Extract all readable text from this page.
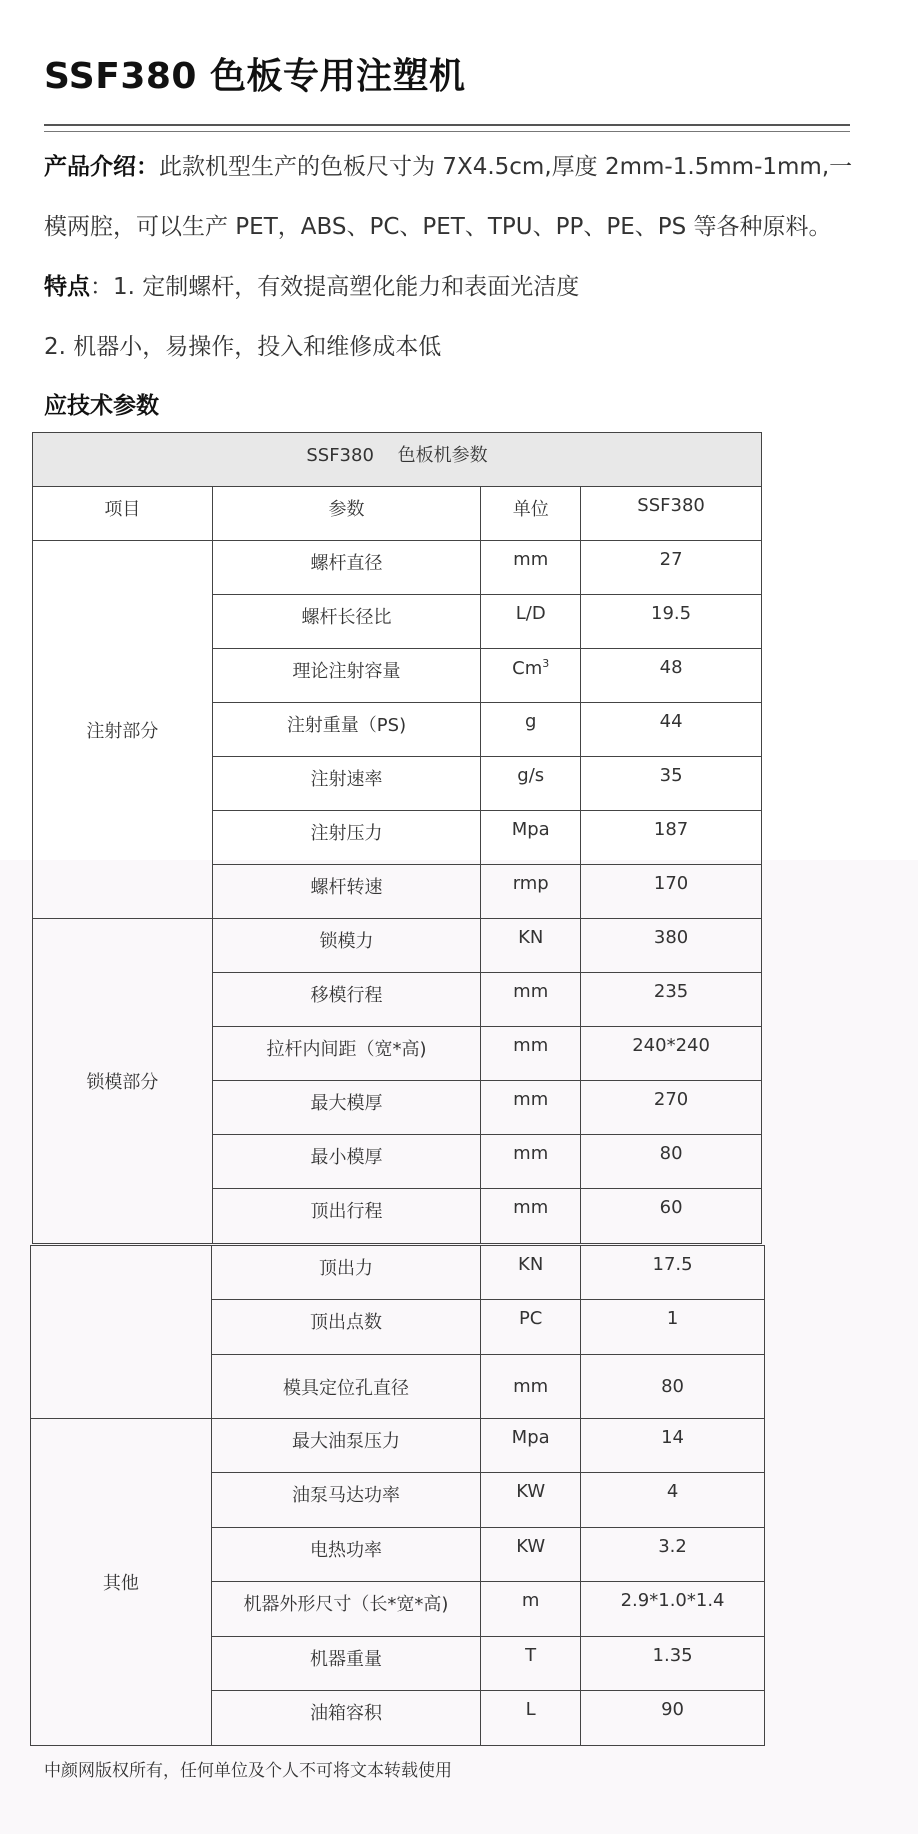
SSF380 色板专用注塑机

产品介绍：此款机型生产的色板尺寸为 7X4.5cm,厚度 2mm-1.5mm-1mm,一

模两腔，可以生产 PET，ABS、PC、PET、TPU、PP、PE、PS 等各种原料。

特点：1. 定制螺杆，有效提高塑化能力和表面光洁度

2. 机器小，易操作，投入和维修成本低

应技术参数
SSF380　 色板机参数			
项目	参数	单位	SSF380
注射部分	螺杆直径	mm	27
	螺杆长径比	L/D	19.5
	理论注射容量	Cm$^3$	48
	注射重量（PS)	g	44
	注射速率	g/s	35
	注射压力	Mpa	187
	螺杆转速	rmp	170
锁模部分	锁模力	KN	380
	移模行程	mm	235
	拉杆内间距（宽*高)	mm	240*240
	最大模厚	mm	270
	最小模厚	mm	80
	顶出行程	mm	60
	顶出力	KN	17.5
	顶出点数	PC	1
	模具定位孔直径	mm	80
其他	最大油泵压力	Mpa	14
	油泵马达功率	KW	4
	电热功率	KW	3.2
	机器外形尺寸（长*宽*高)	m	2.9*1.0*1.4
	机器重量	T	1.35
	油箱容积	L	90

中颜网版权所有，任何单位及个人不可将文本转载使用
